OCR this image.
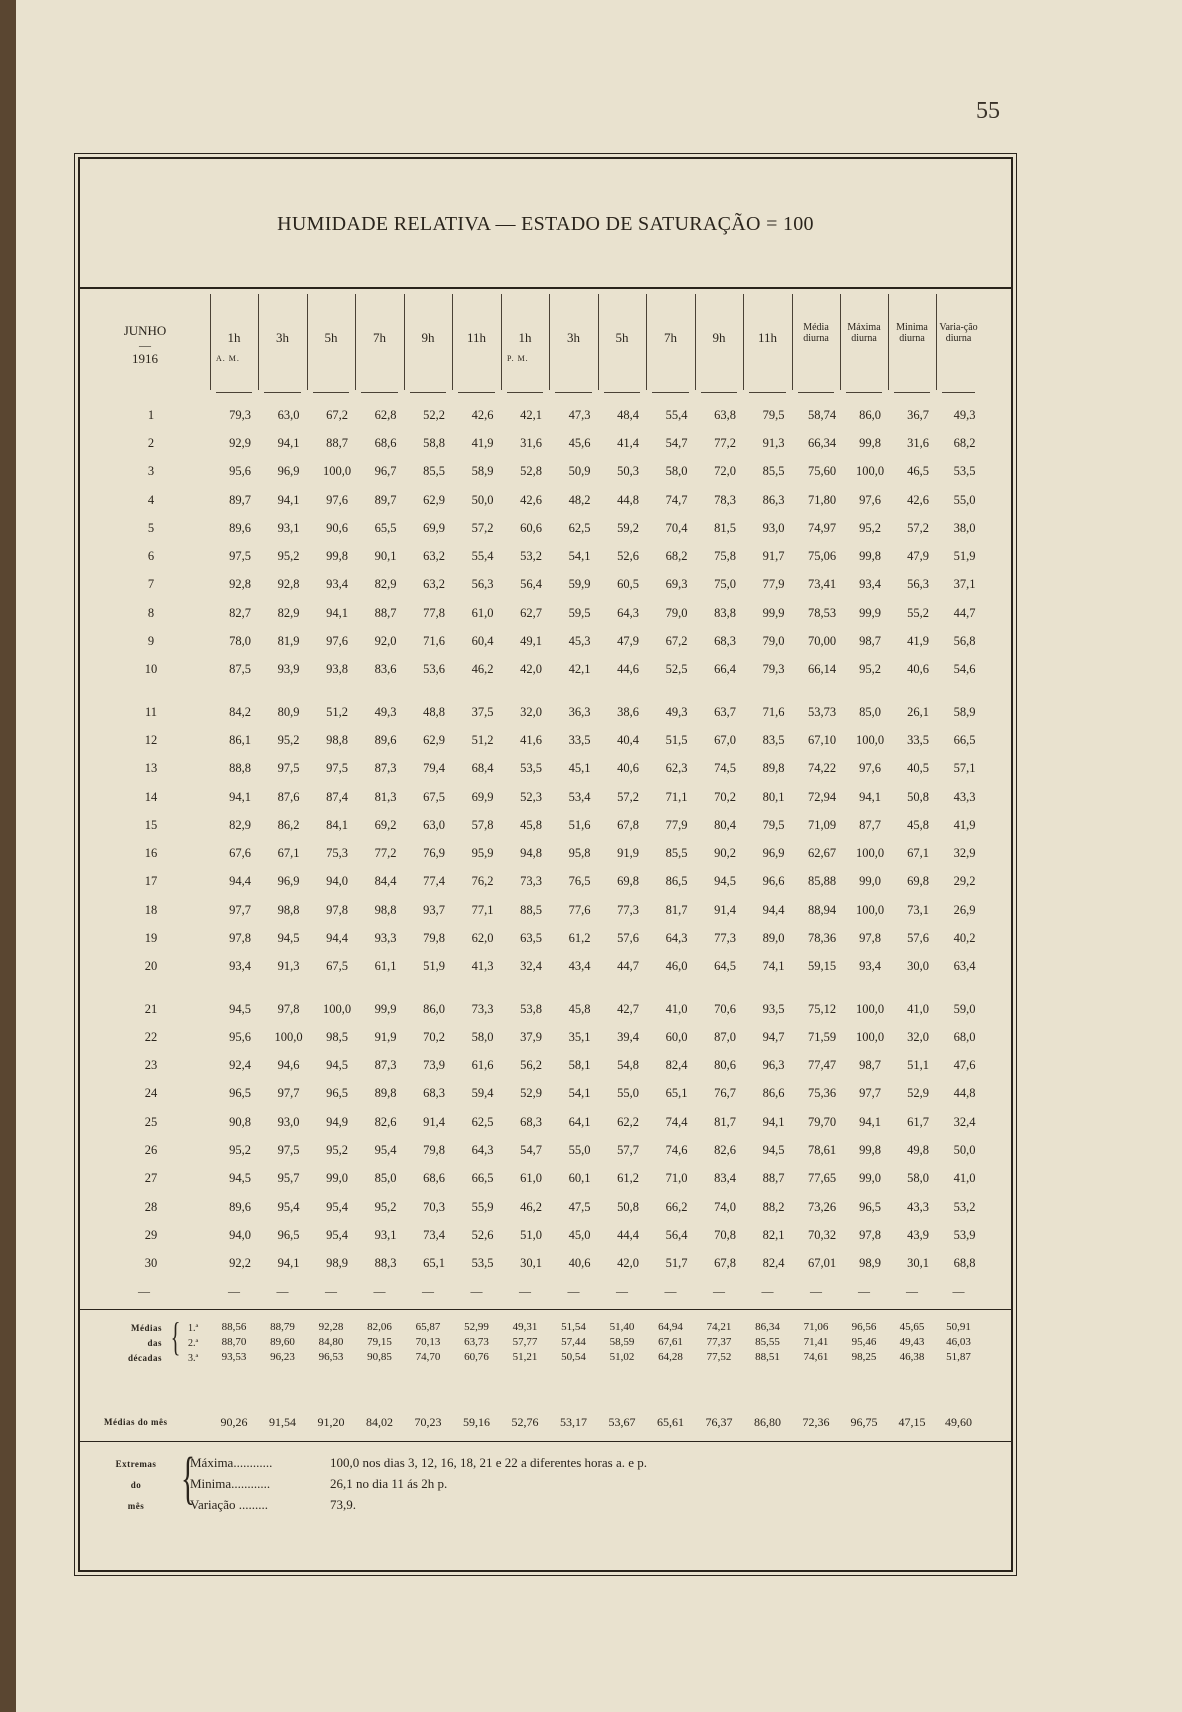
55
HUMIDADE RELATIVA — ESTADO DE SATURAÇÃO = 100
JUNHO
—
1916
1h
A. M.
3h	5h	7h	9h	11h	1h
P. M.
3h	5h	7h	9h	11h
Média diurna
Máxima diurna
Minima diurna
Varia-ção diurna
1	79,3	63,0	67,2	62,8	52,2	42,6	42,1	47,3	48,4	55,4	63,8	79,5	58,74	86,0	36,7	49,3
2	92,9	94,1	88,7	68,6	58,8	41,9	31,6	45,6	41,4	54,7	77,2	91,3	66,34	99,8	31,6	68,2
3	95,6	96,9	100,0	96,7	85,5	58,9	52,8	50,9	50,3	58,0	72,0	85,5	75,60	100,0	46,5	53,5
4	89,7	94,1	97,6	89,7	62,9	50,0	42,6	48,2	44,8	74,7	78,3	86,3	71,80	97,6	42,6	55,0
5	89,6	93,1	90,6	65,5	69,9	57,2	60,6	62,5	59,2	70,4	81,5	93,0	74,97	95,2	57,2	38,0
6	97,5	95,2	99,8	90,1	63,2	55,4	53,2	54,1	52,6	68,2	75,8	91,7	75,06	99,8	47,9	51,9
7	92,8	92,8	93,4	82,9	63,2	56,3	56,4	59,9	60,5	69,3	75,0	77,9	73,41	93,4	56,3	37,1
8	82,7	82,9	94,1	88,7	77,8	61,0	62,7	59,5	64,3	79,0	83,8	99,9	78,53	99,9	55,2	44,7
9	78,0	81,9	97,6	92,0	71,6	60,4	49,1	45,3	47,9	67,2	68,3	79,0	70,00	98,7	41,9	56,8
10	87,5	93,9	93,8	83,6	53,6	46,2	42,0	42,1	44,6	52,5	66,4	79,3	66,14	95,2	40,6	54,6

11	84,2	80,9	51,2	49,3	48,8	37,5	32,0	36,3	38,6	49,3	63,7	71,6	53,73	85,0	26,1	58,9
12	86,1	95,2	98,8	89,6	62,9	51,2	41,6	33,5	40,4	51,5	67,0	83,5	67,10	100,0	33,5	66,5
13	88,8	97,5	97,5	87,3	79,4	68,4	53,5	45,1	40,6	62,3	74,5	89,8	74,22	97,6	40,5	57,1
14	94,1	87,6	87,4	81,3	67,5	69,9	52,3	53,4	57,2	71,1	70,2	80,1	72,94	94,1	50,8	43,3
15	82,9	86,2	84,1	69,2	63,0	57,8	45,8	51,6	67,8	77,9	80,4	79,5	71,09	87,7	45,8	41,9
16	67,6	67,1	75,3	77,2	76,9	95,9	94,8	95,8	91,9	85,5	90,2	96,9	62,67	100,0	67,1	32,9
17	94,4	96,9	94,0	84,4	77,4	76,2	73,3	76,5	69,8	86,5	94,5	96,6	85,88	99,0	69,8	29,2
18	97,7	98,8	97,8	98,8	93,7	77,1	88,5	77,6	77,3	81,7	91,4	94,4	88,94	100,0	73,1	26,9
19	97,8	94,5	94,4	93,3	79,8	62,0	63,5	61,2	57,6	64,3	77,3	89,0	78,36	97,8	57,6	40,2
20	93,4	91,3	67,5	61,1	51,9	41,3	32,4	43,4	44,7	46,0	64,5	74,1	59,15	93,4	30,0	63,4

21	94,5	97,8	100,0	99,9	86,0	73,3	53,8	45,8	42,7	41,0	70,6	93,5	75,12	100,0	41,0	59,0
22	95,6	100,0	98,5	91,9	70,2	58,0	37,9	35,1	39,4	60,0	87,0	94,7	71,59	100,0	32,0	68,0
23	92,4	94,6	94,5	87,3	73,9	61,6	56,2	58,1	54,8	82,4	80,6	96,3	77,47	98,7	51,1	47,6
24	96,5	97,7	96,5	89,8	68,3	59,4	52,9	54,1	55,0	65,1	76,7	86,6	75,36	97,7	52,9	44,8
25	90,8	93,0	94,9	82,6	91,4	62,5	68,3	64,1	62,2	74,4	81,7	94,1	79,70	94,1	61,7	32,4
26	95,2	97,5	95,2	95,4	79,8	64,3	54,7	55,0	57,7	74,6	82,6	94,5	78,61	99,8	49,8	50,0
27	94,5	95,7	99,0	85,0	68,6	66,5	61,0	60,1	61,2	71,0	83,4	88,7	77,65	99,0	58,0	41,0
28	89,6	95,4	95,4	95,2	70,3	55,9	46,2	47,5	50,8	66,2	74,0	88,2	73,26	96,5	43,3	53,2
29	94,0	96,5	95,4	93,1	73,4	52,6	51,0	45,0	44,4	56,4	70,8	82,1	70,32	97,8	43,9	53,9
30	92,2	94,1	98,9	88,3	65,1	53,5	30,1	40,6	42,0	51,7	67,8	82,4	67,01	98,9	30,1	68,8
—	—	—	—	—	—	—	—	—	—	—	—	—	—	—	—	—
Médias
das
décadas { 1.ª
2.ª
3.ª
	88,56	88,79	92,28	82,06	65,87	52,99	49,31	51,54	51,40	64,94	74,21	86,34	71,06	96,56	45,65	50,91
	88,70	89,60	84,80	79,15	70,13	63,73	57,77	57,44	58,59	67,61	77,37	85,55	71,41	95,46	49,43	46,03
	93,53	96,23	96,53	90,85	74,70	60,76	51,21	50,54	51,02	64,28	77,52	88,51	74,61	98,25	46,38	51,87
Médias do mês
		90,26	91,54	91,20	84,02	70,23	59,16	52,76	53,17	53,67	65,61	76,37	86,80	72,36	96,75	47,15	49,60
Extremas
do
mês {
Máxima............	100,0 nos dias 3, 12, 16, 18, 21 e 22 a diferentes horas a. e p.
Minima............	26,1 no dia 11 ás 2h p.
Variação .........	73,9.
